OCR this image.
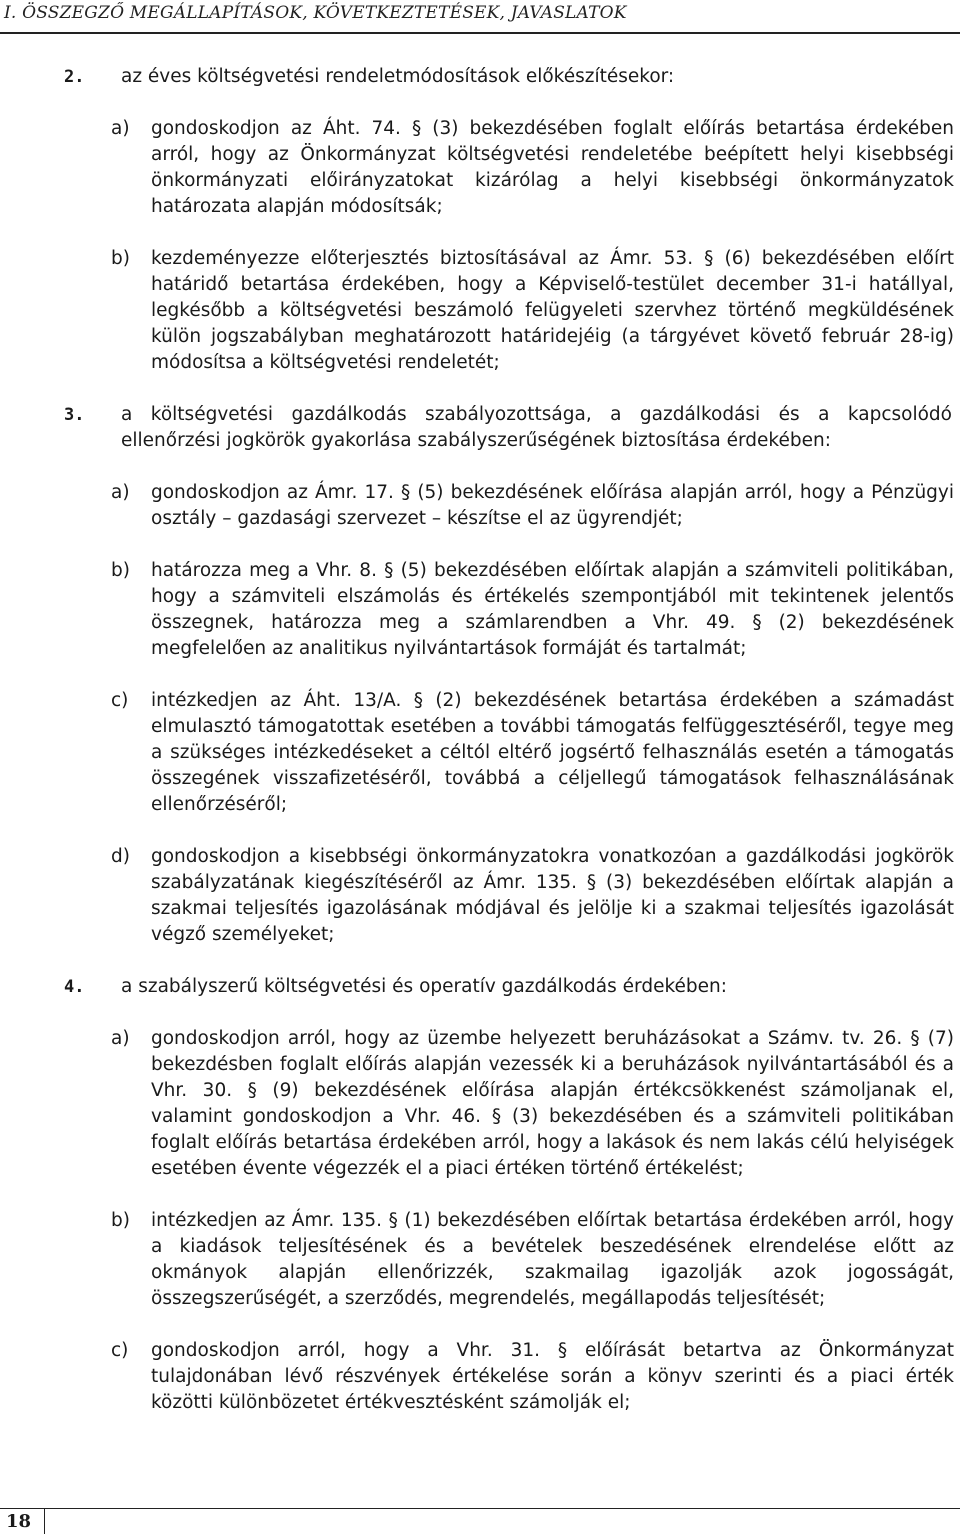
I. ÖSSZEGZŐ MEGÁLLAPÍTÁSOK, KÖVETKEZTETÉSEK, JAVASLATOK
2. az éves költségvetési rendeletmódosítások előkészítésekor:
a) gondoskodjon az Áht. 74. § (3) bekezdésében foglalt előírás betartása érdekében arról, hogy az Önkormányzat költségvetési rendeletébe beépített helyi kisebbségi önkormányzati előirányzatokat kizárólag a helyi kisebbségi önkormányzatok határozata alapján módosítsák;
b) kezdeményezze előterjesztés biztosításával az Ámr. 53. § (6) bekezdésében előírt határidő betartása érdekében, hogy a Képviselő-testület december 31-i hatállyal, legkésőbb a költségvetési beszámoló felügyeleti szervhez történő megküldésének külön jogszabályban meghatározott határidejéig (a tárgyévet követő február 28-ig) módosítsa a költségvetési rendeletét;
3. a költségvetési gazdálkodás szabályozottsága, a gazdálkodási és a kapcsolódó ellenőrzési jogkörök gyakorlása szabályszerűségének biztosítása érdekében:
a) gondoskodjon az Ámr. 17. § (5) bekezdésének előírása alapján arról, hogy a Pénzügyi osztály – gazdasági szervezet – készítse el az ügyrendjét;
b) határozza meg a Vhr. 8. § (5) bekezdésében előírtak alapján a számviteli politikában, hogy a számviteli elszámolás és értékelés szempontjából mit tekintenek jelentős összegnek, határozza meg a számlarendben a Vhr. 49. § (2) bekezdésének megfelelően az analitikus nyilvántartások formáját és tartalmát;
c) intézkedjen az Áht. 13/A. § (2) bekezdésének betartása érdekében a számadást elmulasztó támogatottak esetében a további támogatás felfüggesztéséről, tegye meg a szükséges intézkedéseket a céltól eltérő jogsértő felhasználás esetén a támogatás összegének visszafizetéséről, továbbá a céljellegű támogatások felhasználásának ellenőrzéséről;
d) gondoskodjon a kisebbségi önkormányzatokra vonatkozóan a gazdálkodási jogkörök szabályzatának kiegészítéséről az Ámr. 135. § (3) bekezdésében előírtak alapján a szakmai teljesítés igazolásának módjával és jelölje ki a szakmai teljesítés igazolását végző személyeket;
4. a szabályszerű költségvetési és operatív gazdálkodás érdekében:
a) gondoskodjon arról, hogy az üzembe helyezett beruházásokat a Számv. tv. 26. § (7) bekezdésben foglalt előírás alapján vezessék ki a beruházások nyilvántartásából és a Vhr. 30. § (9) bekezdésének előírása alapján értékcsökkenést számoljanak el, valamint gondoskodjon a Vhr. 46. § (3) bekezdésében és a számviteli politikában foglalt előírás betartása érdekében arról, hogy a lakások és nem lakás célú helyiségek esetében évente végezzék el a piaci értéken történő értékelést;
b) intézkedjen az Ámr. 135. § (1) bekezdésében előírtak betartása érdekében arról, hogy a kiadások teljesítésének és a bevételek beszedésének elrendelése előtt az okmányok alapján ellenőrizzék, szakmailag igazolják azok jogosságát, összegszerűségét, a szerződés, megrendelés, megállapodás teljesítését;
c) gondoskodjon arról, hogy a Vhr. 31. § előírását betartva az Önkormányzat tulajdonában lévő részvények értékelése során a könyv szerinti és a piaci érték közötti különbözetet értékvesztésként számolják el;
18
